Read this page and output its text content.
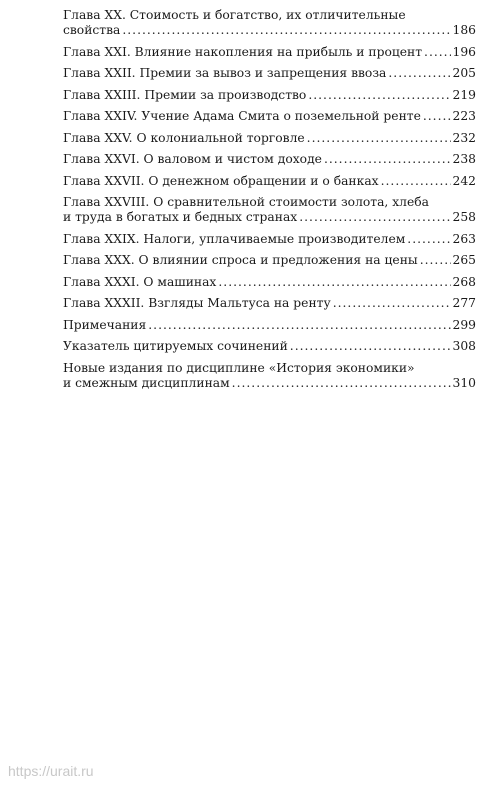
Глава XX. Стоимость и богатство, их отличительные
свойства .....	186
Глава XXI. Влияние накопления на прибыль и процент ..... 196
Глава XXII. Премии за вывоз и запрещения ввоза .....	205
Глава XXIII. Премии за производство .....	219
Глава XXIV. Учение Адама Смита о поземельной ренте .....	223
Глава XXV. О колониальной торговле .....	232
Глава XXVI. О валовом и чистом доходе .....	238
Глава XXVII. О денежном обращении и о банках .....	242
Глава XXVIII. О сравнительной стоимости золота, хлеба
и труда в богатых и бедных странах .....	258
Глава XXIX. Налоги, уплачиваемые производителем .....	263
Глава XXX. О влиянии спроса и предложения на цены .....	265
Глава XXXI. О машинах .....	268
Глава XXXII. Взгляды Мальтуса на ренту .....	277
Примечания .....	299
Указатель цитируемых сочинений .....	308
Новые издания по дисциплине «История экономики»
и смежным дисциплинам .....	310
https://urait.ru
